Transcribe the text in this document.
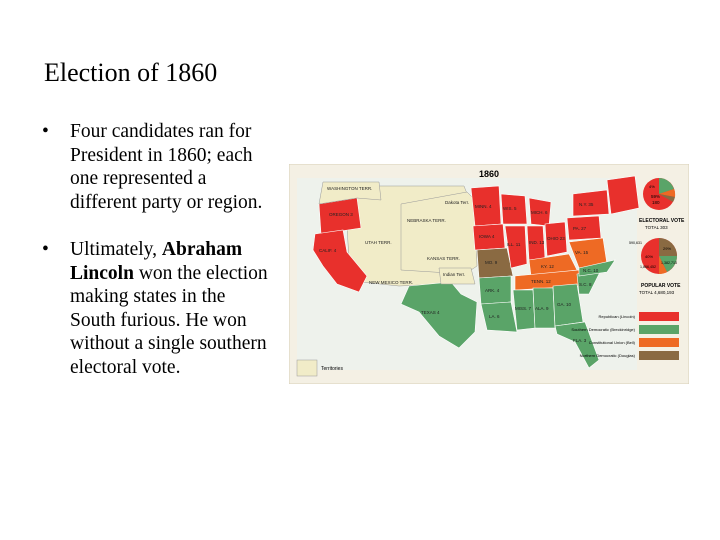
Election of 1860
• Four candidates ran for President in 1860; each one represented a different party or region.
• Ultimately, Abraham Lincoln won the election making states in the South furious. He won without a single southern electoral vote.
1860
WASHINGTON TERR.
OREGON 3
CALIF. 4
UTAH TERR.
NEW MEXICO TERR.
NEBRASKA TERR.
KANSAS TERR.
Dakota Terr.
Indian Terr.
MINN. 4
IOWA 4
MO. 9
TEXAS 4
ARK. 4
LA. 6
MISS. 7 ALA. 9
GA. 10
FLA. 3
TENN. 12
KY. 12
VA. 15
N.C. 10
S.C. 8
WIS. 5
MICH. 6
ILL. 11 IND. 13
OHIO 23
PA. 27
N.Y. 35
4%
59%
180
ELECTORAL VOTE
TOTAL 303
40%
29%
1,866,452
1,382,713
590,631
POPULAR VOTE
TOTAL 4,680,193
Republican (Lincoln)
Southern Democratic (Breckinridge)
Constitutional Union (Bell)
Northern Democratic (Douglas)
Territories
